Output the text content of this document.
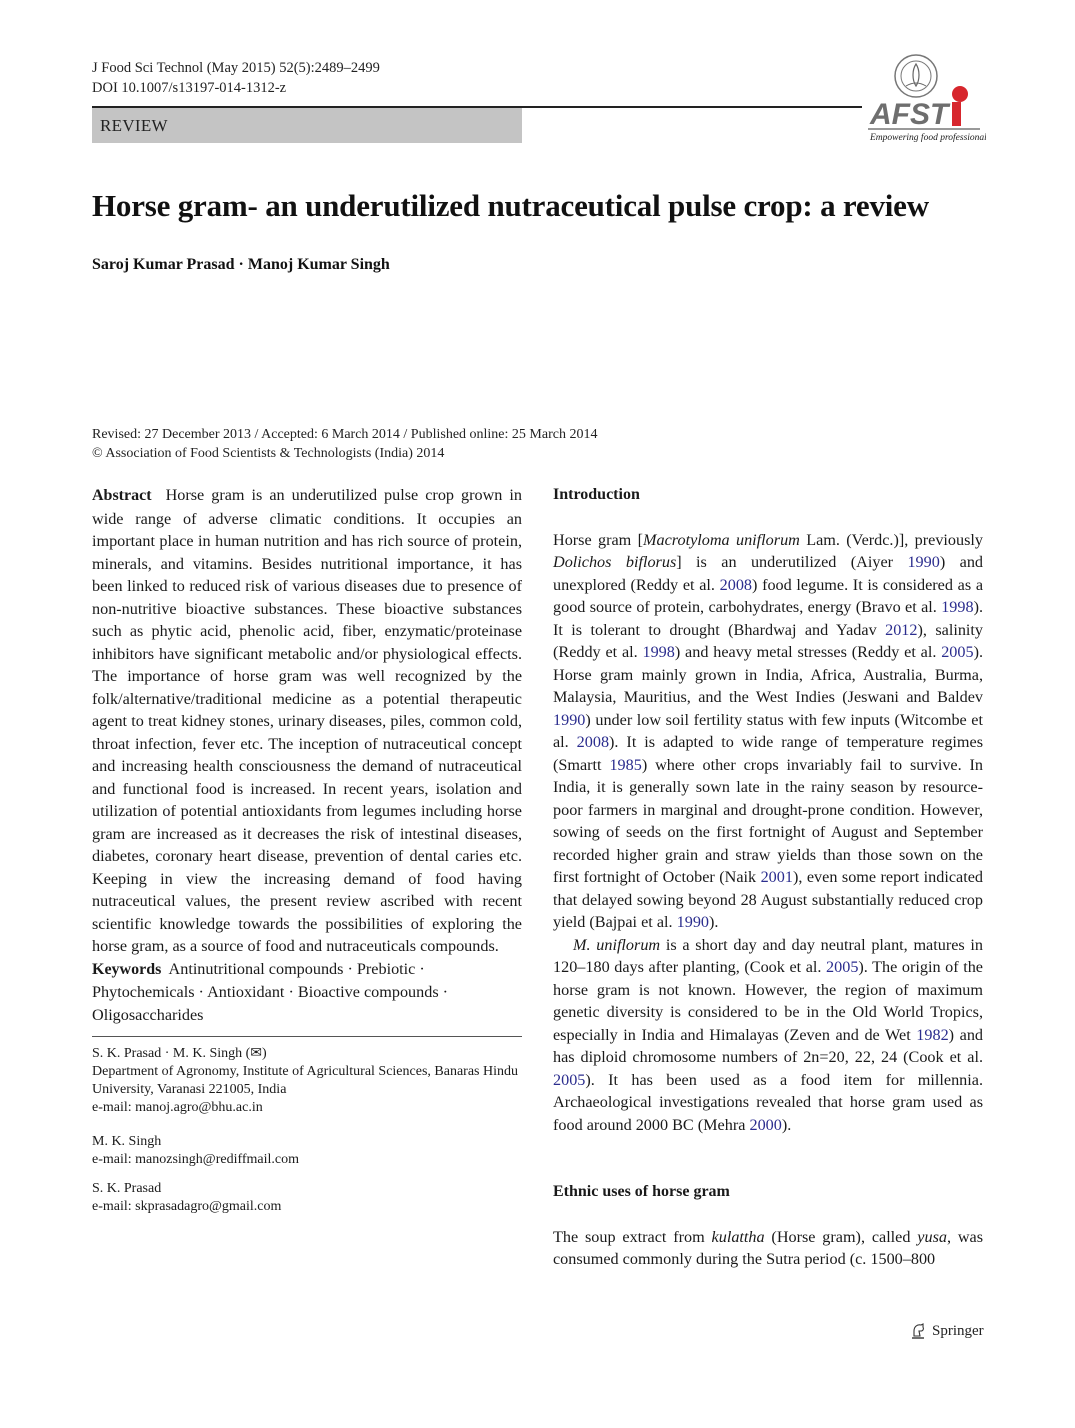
J Food Sci Technol (May 2015) 52(5):2489–2499
DOI 10.1007/s13197-014-1312-z
REVIEW	AFST
Empowering food professionals
Horse gram- an underutilized nutraceutical pulse crop: a review
Saroj Kumar Prasad · Manoj Kumar Singh
Revised: 27 December 2013 / Accepted: 6 March 2014 / Published online: 25 March 2014
© Association of Food Scientists & Technologists (India) 2014

Abstract Horse gram is an underutilized pulse crop grown in wide range of adverse climatic conditions. It occupies an important place in human nutrition and has rich source of protein, minerals, and vitamins. Besides nutritional importance, it has been linked to reduced risk of various diseases due to presence of non-nutritive bioactive substances. These bioactive substances such as phytic acid, phenolic acid, fiber, enzymatic/proteinase inhibitors have significant metabolic and/or physiological effects. The importance of horse gram was well recognized by the folk/alternative/traditional medicine as a potential therapeutic agent to treat kidney stones, urinary diseases, piles, common cold, throat infection, fever etc. The inception of nutraceutical concept and increasing health consciousness the demand of nutraceutical and functional food is increased. In recent years, isolation and utilization of potential antioxidants from legumes including horse gram are increased as it decreases the risk of intestinal diseases, diabetes, coronary heart disease, prevention of dental caries etc. Keeping in view the increasing demand of food having nutraceutical values, the present review ascribed with recent scientific knowledge towards the possibilities of exploring the horse gram, as a source of food and nutraceuticals compounds.

Keywords Antinutritional compounds · Prebiotic · Phytochemicals · Antioxidant · Bioactive compounds · Oligosaccharides

S. K. Prasad · M. K. Singh (✉)
Department of Agronomy, Institute of Agricultural Sciences, Banaras Hindu University, Varanasi 221005, India
e-mail: manoj.agro@bhu.ac.in

M. K. Singh
e-mail: manozsingh@rediffmail.com

S. K. Prasad
e-mail: skprasadagro@gmail.com

Introduction

Horse gram [Macrotyloma uniflorum Lam. (Verdc.)], previously Dolichos biflorus] is an underutilized (Aiyer 1990) and unexplored (Reddy et al. 2008) food legume. It is considered as a good source of protein, carbohydrates, energy (Bravo et al. 1998). It is tolerant to drought (Bhardwaj and Yadav 2012), salinity (Reddy et al. 1998) and heavy metal stresses (Reddy et al. 2005). Horse gram mainly grown in India, Africa, Australia, Burma, Malaysia, Mauritius, and the West Indies (Jeswani and Baldev 1990) under low soil fertility status with few inputs (Witcombe et al. 2008). It is adapted to wide range of temperature regimes (Smartt 1985) where other crops invariably fail to survive. In India, it is generally sown late in the rainy season by resource-poor farmers in marginal and drought-prone condition. However, sowing of seeds on the first fortnight of August and September recorded higher grain and straw yields than those sown on the first fortnight of October (Naik 2001), even some report indicated that delayed sowing beyond 28 August substantially reduced crop yield (Bajpai et al. 1990).

M. uniflorum is a short day and day neutral plant, matures in 120–180 days after planting, (Cook et al. 2005). The origin of the horse gram is not known. However, the region of maximum genetic diversity is considered to be in the Old World Tropics, especially in India and Himalayas (Zeven and de Wet 1982) and has diploid chromosome numbers of 2n=20, 22, 24 (Cook et al. 2005). It has been used as a food item for millennia. Archaeological investigations revealed that horse gram used as food around 2000 BC (Mehra 2000).

Ethnic uses of horse gram

The soup extract from kulattha (Horse gram), called yusa, was consumed commonly during the Sutra period (c. 1500–800

Springer
